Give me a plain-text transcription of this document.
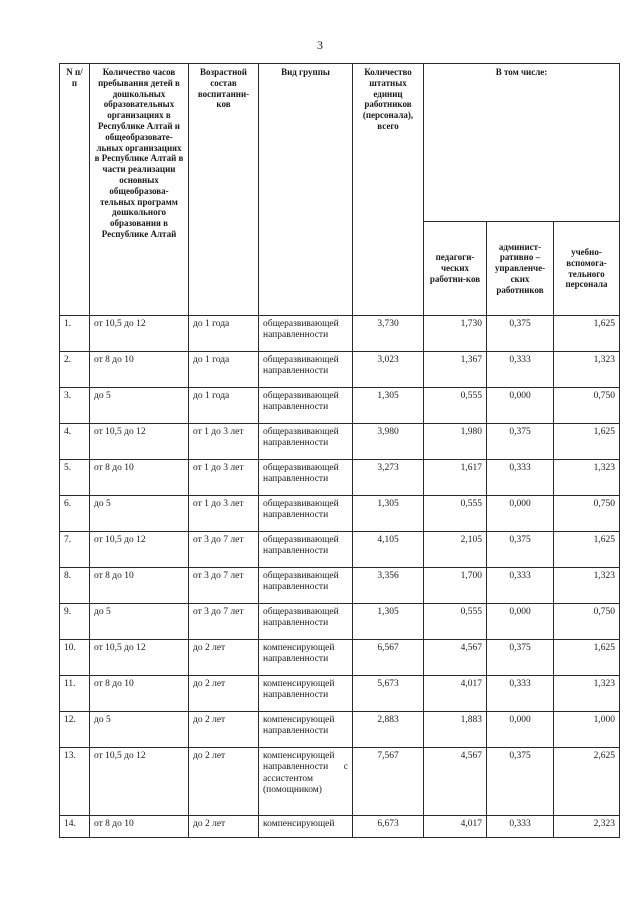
3
N п/п	Количество часов пребывания детей в дошкольных образовательных организациях в Республике Алтай и общеобразовате-льных организациях в Республике Алтай в части реализации основных общеобразова-тельных программ дошкольного образования в Республике Алтай	Возрастной состав воспитанни-ков	Вид группы	Количество штатных единиц работников (персонала), всего	В том числе:		
					педагоги-ческих работни-ков	админист-ративно – управленче-ских работников	учебно-вспомога-тельного персонала
1.	от 10,5 до 12	до 1 года	общеразвивающей направленности	3,730	1,730	0,375	1,625
2.	от 8 до 10	до 1 года	общеразвивающей направленности	3,023	1,367	0,333	1,323
3.	до 5	до 1 года	общеразвивающей направленности	1,305	0,555	0,000	0,750
4.	от 10,5 до 12	от 1 до 3 лет	общеразвивающей направленности	3,980	1,980	0,375	1,625
5.	от 8 до 10	от 1 до 3 лет	общеразвивающей направленности	3,273	1,617	0,333	1,323
6.	до 5	от 1 до 3 лет	общеразвивающей направленности	1,305	0,555	0,000	0,750
7.	от 10,5 до 12	от 3 до 7 лет	общеразвивающей направленности	4,105	2,105	0,375	1,625
8.	от 8 до 10	от 3 до 7 лет	общеразвивающей направленности	3,356	1,700	0,333	1,323
9.	до 5	от 3 до 7 лет	общеразвивающей направленности	1,305	0,555	0,000	0,750
10.	от 10,5 до 12	до 2 лет	компенсирующей направленности	6,567	4,567	0,375	1,625
11.	от 8 до 10	до 2 лет	компенсирующей направленности	5,673	4,017	0,333	1,323
12.	до 5	до 2 лет	компенсирующей направленности	2,883	1,883	0,000	1,000
13.	от 10,5 до 12	до 2 лет	компенсирующей направленности с ассистентом (помощником)	7,567	4,567	0,375	2,625
14.	от 8 до 10	до 2 лет	компенсирующей	6,673	4,017	0,333	2,323
